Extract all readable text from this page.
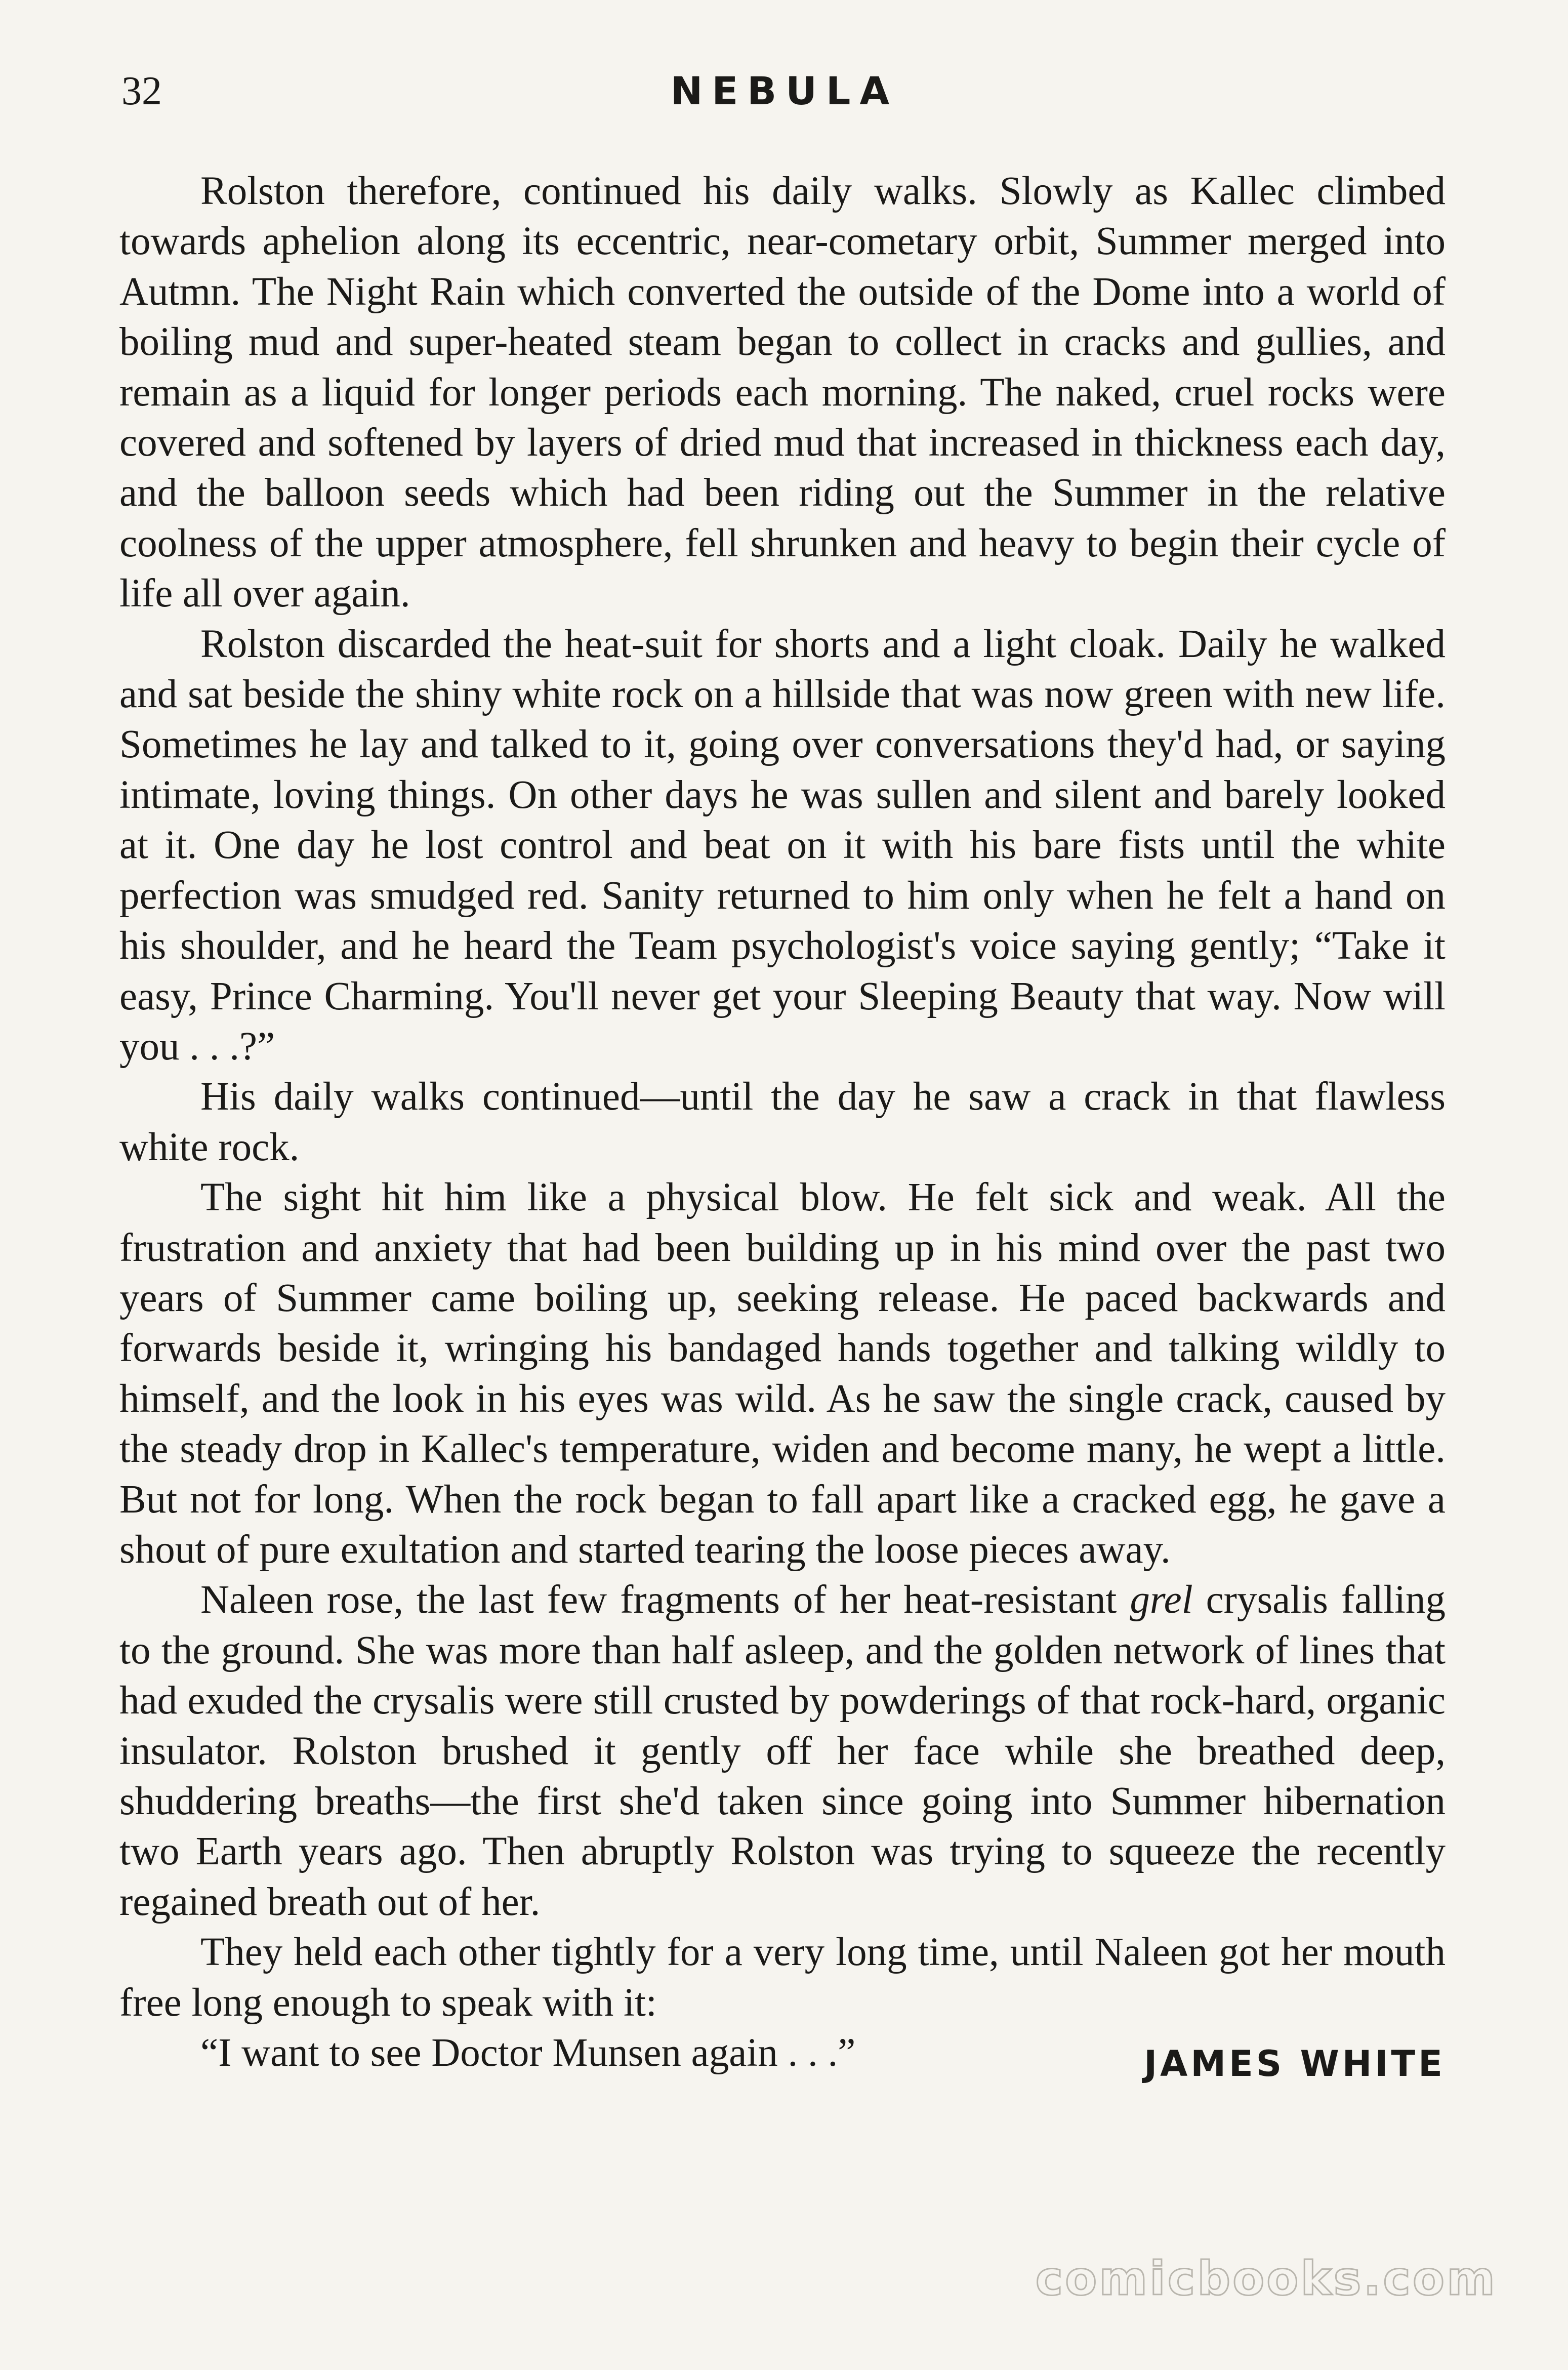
32	NEBULA

Rolston therefore, continued his daily walks. Slowly as Kallec climbed towards aphelion along its eccentric, near-cometary orbit, Summer merged into Autmn. The Night Rain which converted the outside of the Dome into a world of boiling mud and super-heated steam began to collect in cracks and gullies, and remain as a liquid for longer periods each morning. The naked, cruel rocks were covered and softened by layers of dried mud that increased in thickness each day, and the balloon seeds which had been riding out the Summer in the relative coolness of the upper atmosphere, fell shrunken and heavy to begin their cycle of life all over again.

Rolston discarded the heat-suit for shorts and a light cloak. Daily he walked and sat beside the shiny white rock on a hillside that was now green with new life. Sometimes he lay and talked to it, going over conversations they'd had, or saying intimate, loving things. On other days he was sullen and silent and barely looked at it. One day he lost control and beat on it with his bare fists until the white perfection was smudged red. Sanity returned to him only when he felt a hand on his shoulder, and he heard the Team psychologist's voice saying gently; “Take it easy, Prince Charming. You'll never get your Sleeping Beauty that way. Now will you . . .?”

His daily walks continued—until the day he saw a crack in that flawless white rock.

The sight hit him like a physical blow. He felt sick and weak. All the frustration and anxiety that had been building up in his mind over the past two years of Summer came boiling up, seeking release. He paced backwards and forwards beside it, wringing his bandaged hands together and talking wildly to himself, and the look in his eyes was wild. As he saw the single crack, caused by the steady drop in Kallec's temperature, widen and become many, he wept a little. But not for long. When the rock began to fall apart like a cracked egg, he gave a shout of pure exultation and started tearing the loose pieces away.

Naleen rose, the last few fragments of her heat-resistant grel crysalis falling to the ground. She was more than half asleep, and the golden network of lines that had exuded the crysalis were still crusted by powderings of that rock-hard, organic insulator. Rolston brushed it gently off her face while she breathed deep, shuddering breaths—the first she'd taken since going into Summer hibernation two Earth years ago. Then abruptly Rolston was trying to squeeze the recently regained breath out of her.

They held each other tightly for a very long time, until Naleen got her mouth free long enough to speak with it:

“I want to see Doctor Munsen again . . .”	JAMES WHITE
comicbooks.com
